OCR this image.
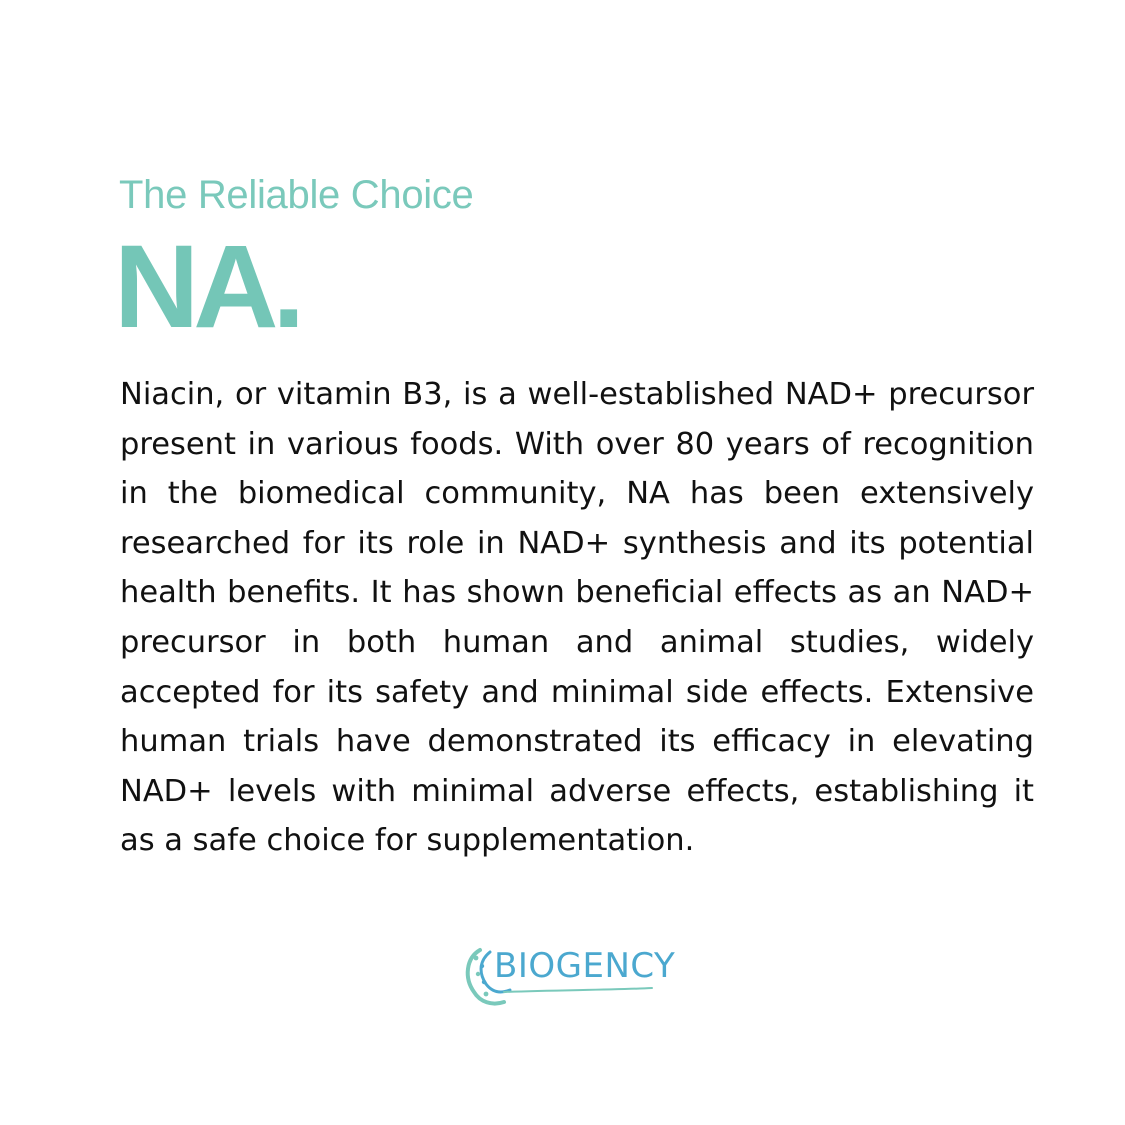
The Reliable Choice
NA.

Niacin, or vitamin B3, is a well-established NAD+ precursor present in various foods. With over 80 years of recognition in the biomedical community, NA has been extensively researched for its role in NAD+ synthesis and its potential health benefits. It has shown beneficial effects as an NAD+ precursor in both human and animal studies, widely accepted for its safety and minimal side effects. Extensive human trials have demonstrated its efficacy in elevating NAD+ levels with minimal adverse effects, establishing it as a safe choice for supplementation.

BIOGENCY
